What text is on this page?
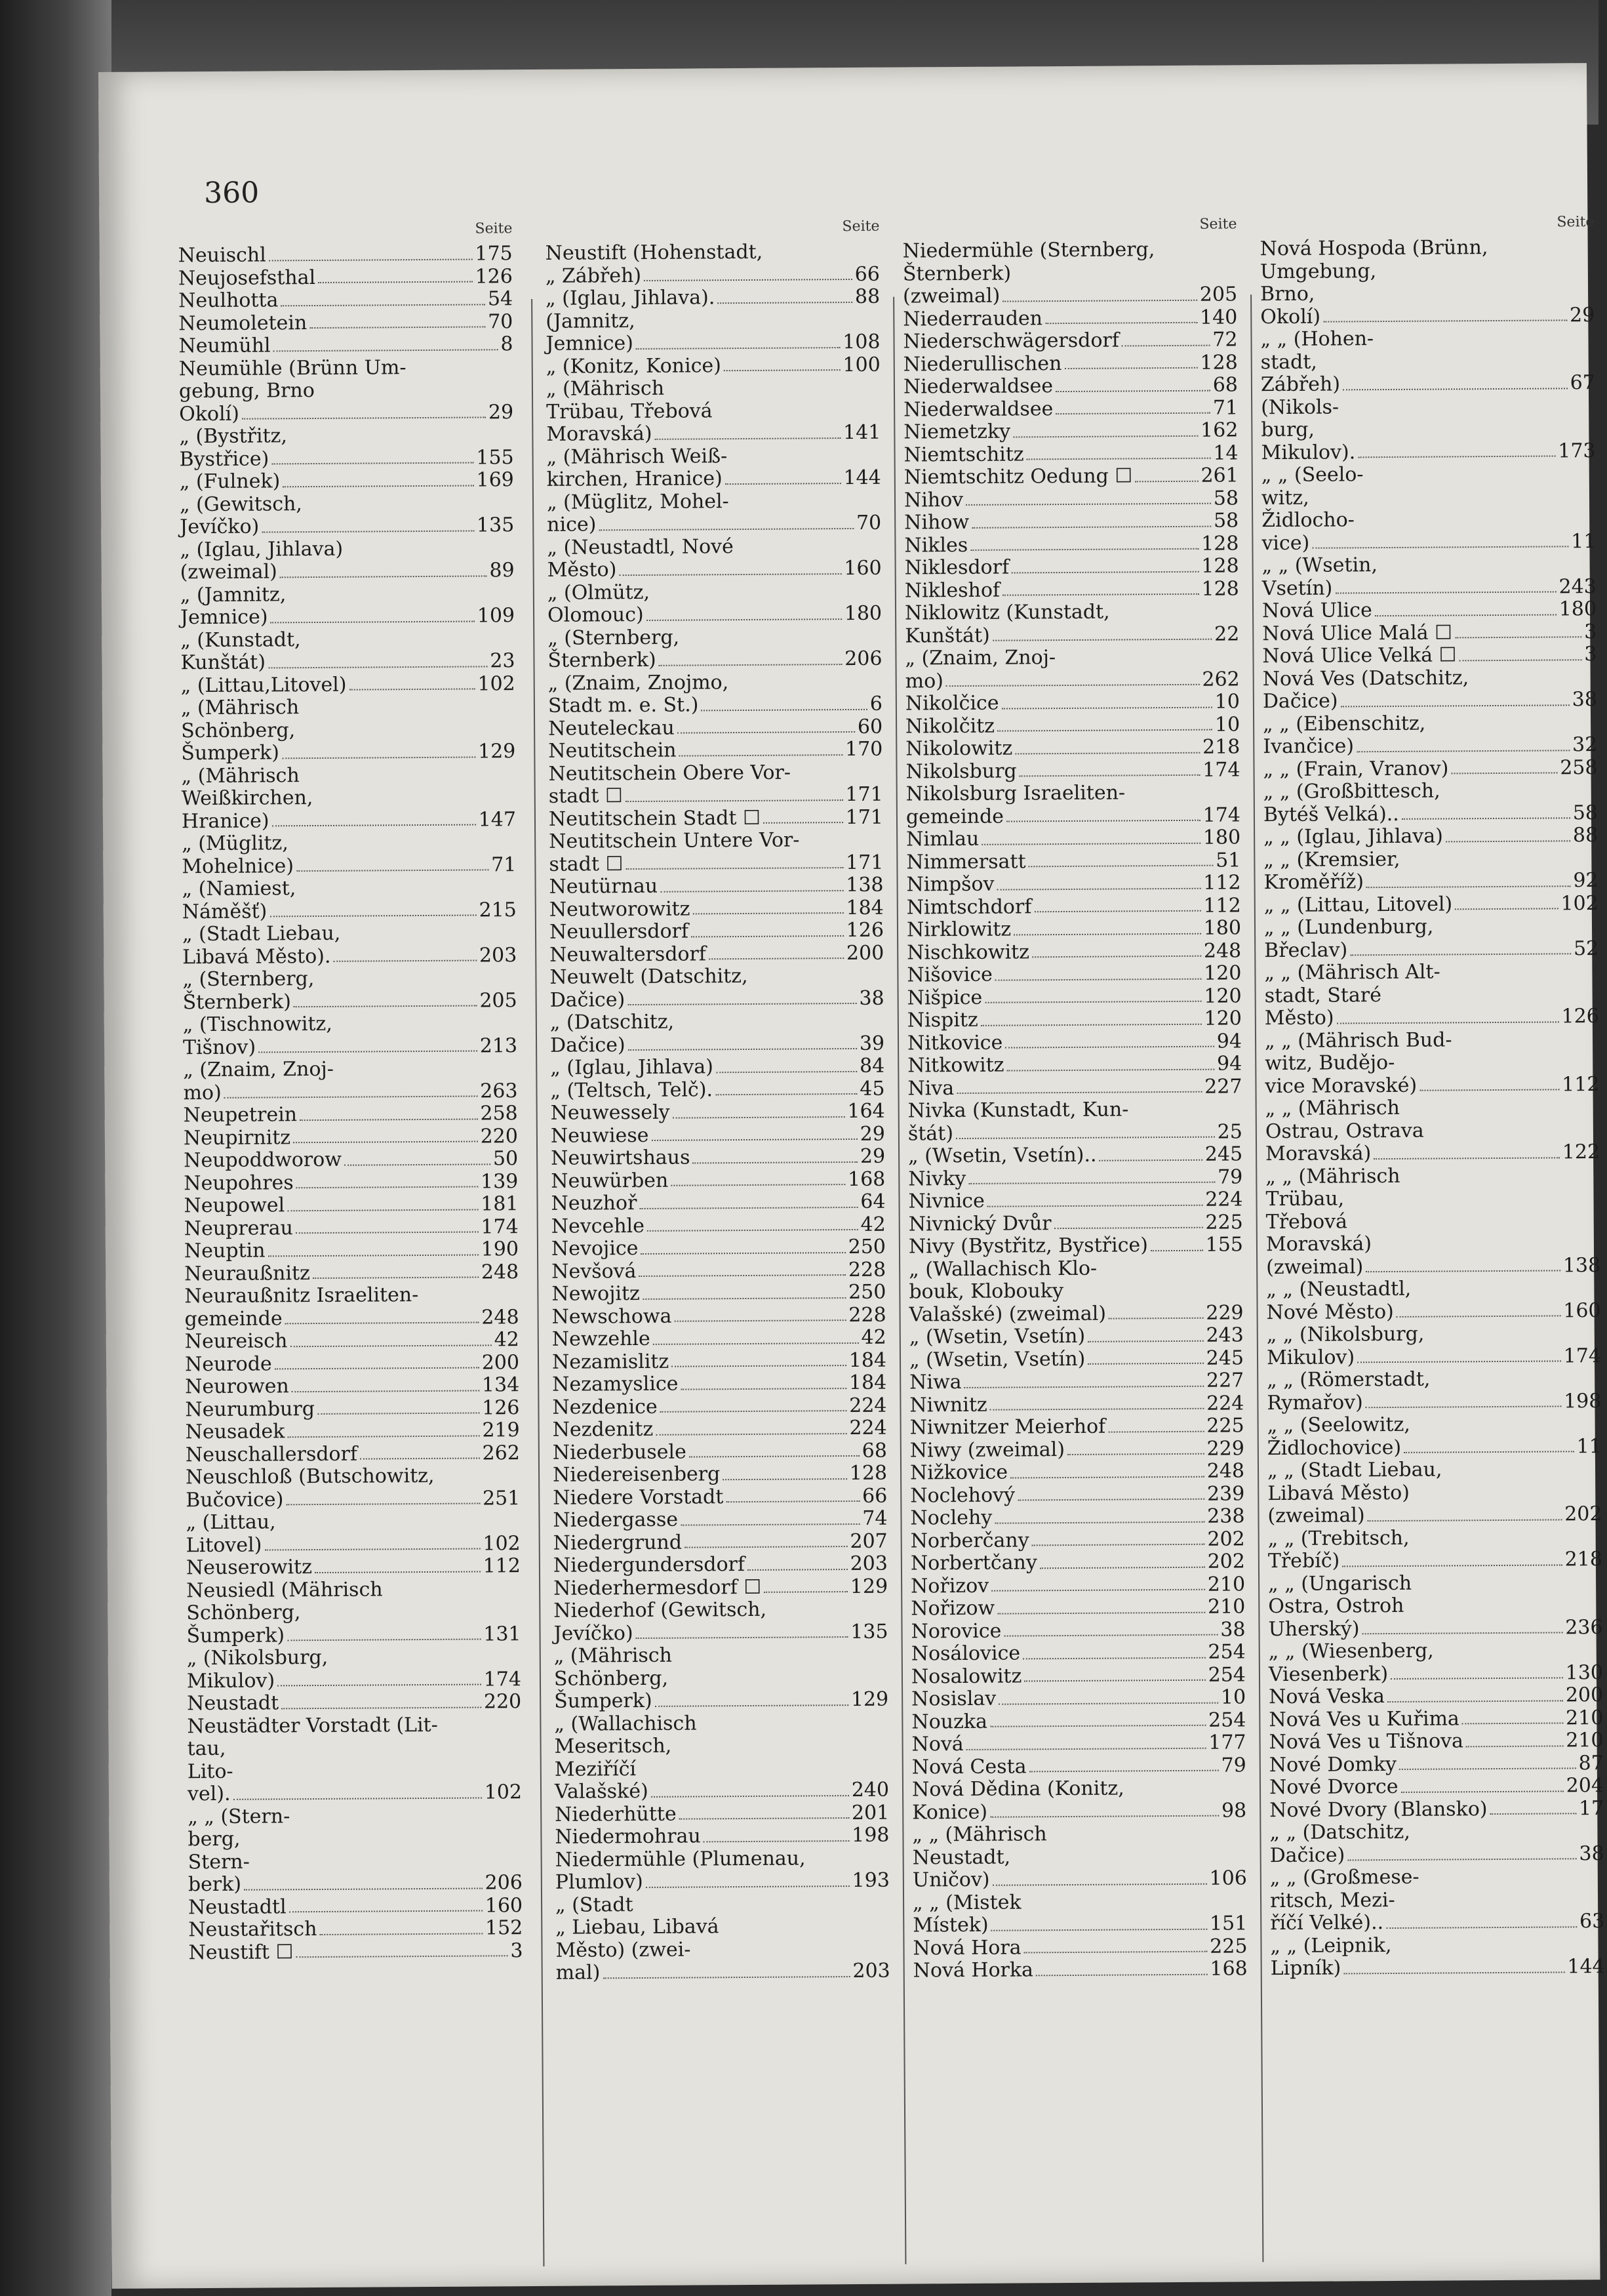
360
Seite
Neuischl	175
Neujosefsthal	126
Neulhotta	54
Neumoletein	70
Neumühl	8
Neumühle (Brünn Um-
gebung, Brno
Okolí)	29
„ (Bystřitz,
Bystřice)	155
„ (Fulnek)	169
„ (Gewitsch,
Jevíčko)	135
„ (Iglau, Jihlava)
(zweimal)	89
„ (Jamnitz,
Jemnice)	109
„ (Kunstadt,
Kunštát)	23
„ (Littau,Litovel)	102
„ (Mährisch
Schönberg,
Šumperk)	129
„ (Mährisch
Weißkirchen,
Hranice)	147
„ (Müglitz,
Mohelnice)	71
„ (Namiest,
Náměšť)	215
„ (Stadt Liebau,
Libavá Město).	203
„ (Sternberg,
Šternberk)	205
„ (Tischnowitz,
Tišnov)	213
„ (Znaim, Znoj-
mo)	263
Neupetrein	258
Neupirnitz	220
Neupoddworow	50
Neupohres	139
Neupowel	181
Neuprerau	174
Neuptin	190
Neuraußnitz	248
Neuraußnitz Israeliten-
gemeinde	248
Neureisch	42
Neurode	200
Neurowen	134
Neurumburg	126
Neusadek	219
Neuschallersdorf	262
Neuschloß (Butschowitz,
Bučovice)	251
„ (Littau,
Litovel)	102
Neuserowitz	112
Neusiedl (Mährisch
Schönberg,
Šumperk)	131
„ (Nikolsburg,
Mikulov)	174
Neustadt	220
Neustädter Vorstadt (Lit-
tau,
Lito-
vel).	102
„ „ (Stern-
berg,
Stern-
berk)	206
Neustadtl	160
Neustařitsch	152
Neustift ☐	3
Seite
Neustift (Hohenstadt,
„ Zábřeh)	66
„ (Iglau, Jihlava).	88
(Jamnitz,
Jemnice)	108
„ (Konitz, Konice)	100
„ (Mährisch
Trübau, Třebová
Moravská)	141
„ (Mährisch Weiß-
kirchen, Hranice)	144
„ (Müglitz, Mohel-
nice)	70
„ (Neustadtl, Nové
Město)	160
„ (Olmütz,
Olomouc)	180
„ (Sternberg,
Šternberk)	206
„ (Znaim, Znojmo,
Stadt m. e. St.)	6
Neuteleckau	60
Neutitschein	170
Neutitschein Obere Vor-
stadt ☐	171
Neutitschein Stadt ☐	171
Neutitschein Untere Vor-
stadt ☐	171
Neutürnau	138
Neutworowitz	184
Neuullersdorf	126
Neuwaltersdorf	200
Neuwelt (Datschitz,
Dačice)	38
„ (Datschitz,
Dačice)	39
„ (Iglau, Jihlava)	84
„ (Teltsch, Telč).	45
Neuwessely	164
Neuwiese	29
Neuwirtshaus	29
Neuwürben	168
Neuzhoř	64
Nevcehle	42
Nevojice	250
Nevšová	228
Newojitz	250
Newschowa	228
Newzehle	42
Nezamislitz	184
Nezamyslice	184
Nezdenice	224
Nezdenitz	224
Niederbusele	68
Niedereisenberg	128
Niedere Vorstadt	66
Niedergasse	74
Niedergrund	207
Niedergundersdorf	203
Niederhermesdorf ☐	129
Niederhof (Gewitsch,
Jevíčko)	135
„ (Mährisch
Schönberg,
Šumperk)	129
„ (Wallachisch
Meseritsch,
Meziříčí
Valašské)	240
Niederhütte	201
Niedermohrau	198
Niedermühle (Plumenau,
Plumlov)	193
„ (Stadt
„ Liebau, Libavá
Město) (zwei-
mal)	203
Seite
Niedermühle (Sternberg,
Šternberk)
(zweimal)	205
Niederrauden	140
Niederschwägersdorf	72
Niederullischen	128
Niederwaldsee	68
Niederwaldsee	71
Niemetzky	162
Niemtschitz	14
Niemtschitz Oedung ☐	261
Nihov	58
Nihow	58
Nikles	128
Niklesdorf	128
Nikleshof	128
Niklowitz (Kunstadt,
Kunštát)	22
„ (Znaim, Znoj-
mo)	262
Nikolčice	10
Nikolčitz	10
Nikolowitz	218
Nikolsburg	174
Nikolsburg Israeliten-
gemeinde	174
Nimlau	180
Nimmersatt	51
Nimpšov	112
Nimtschdorf	112
Nirklowitz	180
Nischkowitz	248
Nišovice	120
Nišpice	120
Nispitz	120
Nitkovice	94
Nitkowitz	94
Niva	227
Nivka (Kunstadt, Kun-
štát)	25
„ (Wsetin, Vsetín)..	245
Nivky	79
Nivnice	224
Nivnický Dvůr	225
Nivy (Bystřitz, Bystřice)	155
„ (Wallachisch Klo-
bouk, Klobouky
Valašské) (zweimal)	229
„ (Wsetin, Vsetín)	243
„ (Wsetin, Vsetín)	245
Niwa	227
Niwnitz	224
Niwnitzer Meierhof	225
Niwy (zweimal)	229
Nižkovice	248
Noclehový	239
Noclehy	238
Norberčany	202
Norbertčany	202
Nořizov	210
Nořizow	210
Norovice	38
Nosálovice	254
Nosalowitz	254
Nosislav	10
Nouzka	254
Nová	177
Nová Cesta	79
Nová Dědina (Konitz,
Konice)	98
„ „ (Mährisch
Neustadt,
Uničov)	106
„ „ (Mistek
Místek)	151
Nová Hora	225
Nová Horka	168
Seite
Nová Hospoda (Brünn,
Umgebung,
Brno,
Okolí)	29
„ „ (Hohen-
stadt,
Zábřeh)	67
(Nikols-
burg,
Mikulov).	173
„ „ (Seelo-
witz,
Židlocho-
vice)	11
„ „ (Wsetin,
Vsetín)	243
Nová Ulice	180
Nová Ulice Malá ☐	3
Nová Ulice Velká ☐	3
Nová Ves (Datschitz,
Dačice)	38
„ „ (Eibenschitz,
Ivančice)	32
„ „ (Frain, Vranov)	258
„ „ (Großbittesch,
Bytéš Velká)..	58
„ „ (Iglau, Jihlava)	88
„ „ (Kremsier,
Kroměříž)	92
„ „ (Littau, Litovel)	102
„ „ (Lundenburg,
Břeclav)	52
„ „ (Mährisch Alt-
stadt, Staré
Město)	126
„ „ (Mährisch Bud-
witz, Budějo-
vice Moravské)	112
„ „ (Mährisch
Ostrau, Ostrava
Moravská)	122
„ „ (Mährisch
Trübau,
Třebová
Moravská)
(zweimal)	138
„ „ (Neustadtl,
Nové Město)	160
„ „ (Nikolsburg,
Mikulov)	174
„ „ (Römerstadt,
Rymařov)	198
„ „ (Seelowitz,
Židlochovice)	11
„ „ (Stadt Liebau,
Libavá Město)
(zweimal)	202
„ „ (Trebitsch,
Třebíč)	218
„ „ (Ungarisch
Ostra, Ostroh
Uherský)	236
„ „ (Wiesenberg,
Viesenberk)	130
Nová Veska	200
Nová Ves u Kuřima	210
Nová Ves u Tišnova	210
Nové Domky	87
Nové Dvorce	204
Nové Dvory (Blansko)	17
„ „ (Datschitz,
Dačice)	38
„ „ (Großmese-
ritsch, Mezi-
říčí Velké)..	63
„ „ (Leipnik,
Lipník)	144
